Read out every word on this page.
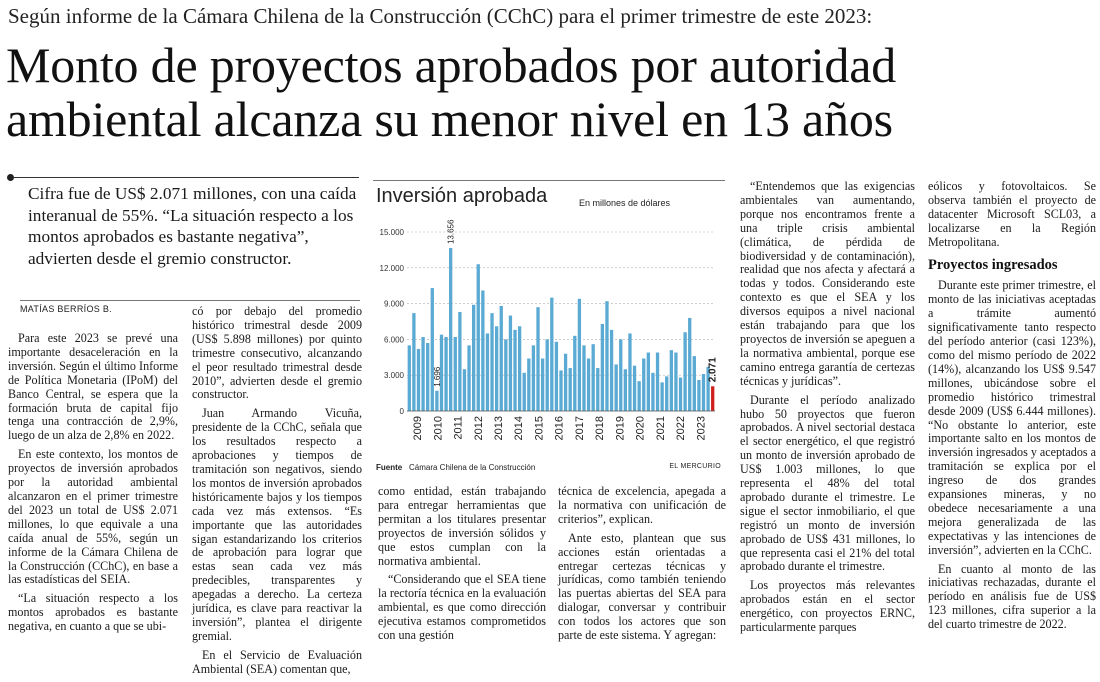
Según informe de la Cámara Chilena de la Construcción (CChC) para el primer trimestre de este 2023:
Monto de proyectos aprobados por autoridad ambiental alcanza su menor nivel en 13 años
Cifra fue de US$ 2.071 millones, con una caída interanual de 55%. “La situación respecto a los montos aprobados es bastante negativa”, advierten desde el gremio constructor.
MATÍAS BERRÍOS B.

Para este 2023 se prevé una importante desaceleración en la inversión. Según el último Informe de Política Monetaria (IPoM) del Banco Central, se espera que la formación bruta de capital fijo tenga una contracción de 2,9%, luego de un alza de 2,8% en 2022.

En este contexto, los montos de proyectos de inversión aprobados por la autoridad ambiental alcanzaron en el primer trimestre del 2023 un total de US$ 2.071 millones, lo que equivale a una caída anual de 55%, según un informe de la Cámara Chilena de la Construcción (CChC), en base a las estadísticas del SEIA.

“La situación respecto a los montos aprobados es bastante negativa, en cuanto a que se ubi-

có por debajo del promedio histórico trimestral desde 2009 (US$ 5.898 millones) por quinto trimestre consecutivo, alcanzando el peor resultado trimestral desde 2010”, advierten desde el gremio constructor.

Juan Armando Vicuña, presidente de la CChC, señala que los resultados respecto a aprobaciones y tiempos de tramitación son negativos, siendo los montos de inversión aprobados históricamente bajos y los tiempos cada vez más extensos. “Es importante que las autoridades sigan estandarizando los criterios de aprobación para lograr que estas sean cada vez más predecibles, transparentes y apegadas a derecho. La certeza jurídica, es clave para reactivar la inversión”, plantea el dirigente gremial.

En el Servicio de Evaluación Ambiental (SEA) comentan que,

Inversión aprobada	En millones de dólares
0
3.000
6.000
9.000
12.000
15.000
2009 2010 2011 2012 2013 2014 2015 2016 2017 2018 2019 2020 2021 2022 2023
1.696
13.656
2.071
Fuente Cámara Chilena de la Construcción	EL MERCURIO

como entidad, están trabajando para entregar herramientas que permitan a los titulares presentar proyectos de inversión sólidos y que estos cumplan con la normativa ambiental.

“Considerando que el SEA tiene la rectoría técnica en la evaluación ambiental, es que como dirección ejecutiva estamos comprometidos con una gestión

técnica de excelencia, apegada a la normativa con unificación de criterios”, explican.

Ante esto, plantean que sus acciones están orientadas a entregar certezas técnicas y jurídicas, como también teniendo las puertas abiertas del SEA para dialogar, conversar y contribuir con todos los actores que son parte de este sistema. Y agregan:

“Entendemos que las exigencias ambientales van aumentando, porque nos encontramos frente a una triple crisis ambiental (climática, de pérdida de biodiversidad y de contaminación), realidad que nos afecta y afectará a todas y todos. Considerando este contexto es que el SEA y los diversos equipos a nivel nacional están trabajando para que los proyectos de inversión se apeguen a la normativa ambiental, porque ese camino entrega garantía de certezas técnicas y jurídicas”.

Durante el período analizado hubo 50 proyectos que fueron aprobados. A nivel sectorial destaca el sector energético, el que registró un monto de inversión aprobado de US$ 1.003 millones, lo que representa el 48% del total aprobado durante el trimestre. Le sigue el sector inmobiliario, el que registró un monto de inversión aprobado de US$ 431 millones, lo que representa casi el 21% del total aprobado durante el trimestre.

Los proyectos más relevantes aprobados están en el sector energético, con proyectos ERNC, particularmente parques

eólicos y fotovoltaicos. Se observa también el proyecto de datacenter Microsoft SCL03, a localizarse en la Región Metropolitana.

Proyectos ingresados

Durante este primer trimestre, el monto de las iniciativas aceptadas a trámite aumentó significativamente tanto respecto del período anterior (casi 123%), como del mismo período de 2022 (14%), alcanzando los US$ 9.547 millones, ubicándose sobre el promedio histórico trimestral desde 2009 (US$ 6.444 millones). “No obstante lo anterior, este importante salto en los montos de inversión ingresados y aceptados a tramitación se explica por el ingreso de dos grandes expansiones mineras, y no obedece necesariamente a una mejora generalizada de las expectativas y las intenciones de inversión”, advierten en la CChC.

En cuanto al monto de las iniciativas rechazadas, durante el período en análisis fue de US$ 123 millones, cifra superior a la del cuarto trimestre de 2022.
